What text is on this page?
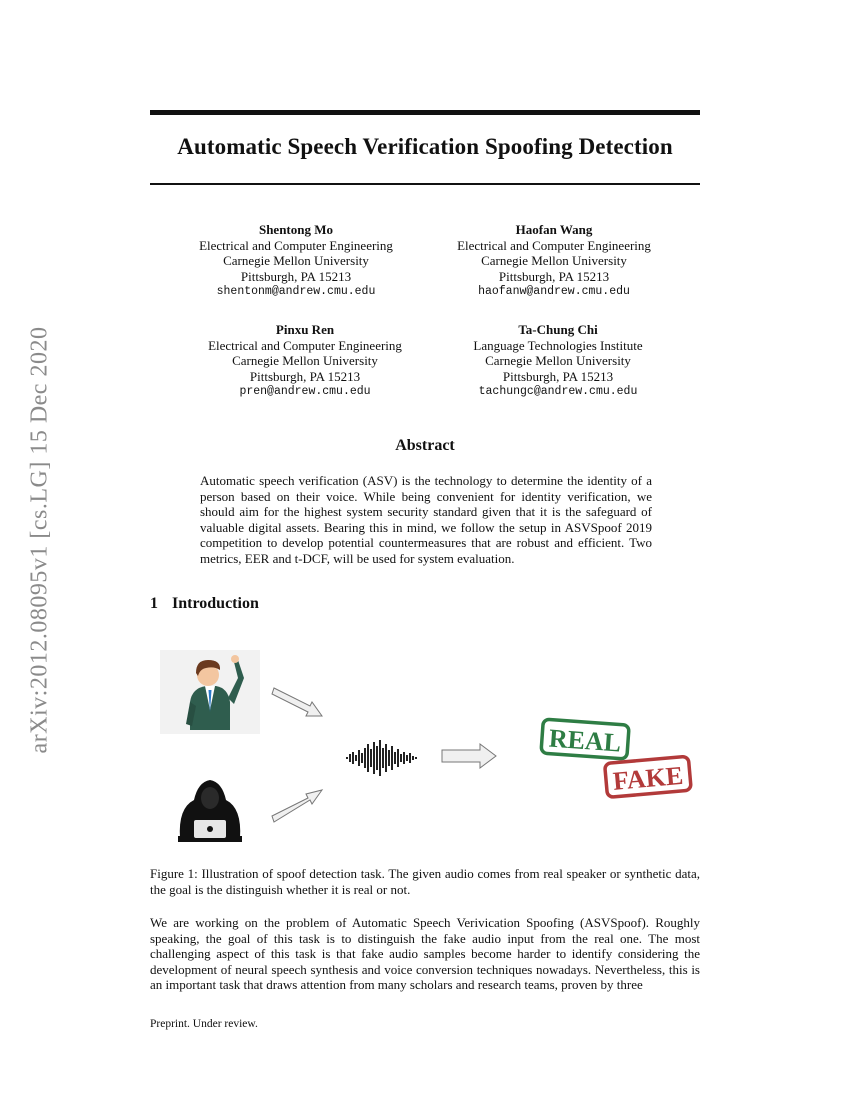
arXiv:2012.08095v1 [cs.LG] 15 Dec 2020
Automatic Speech Verification Spoofing Detection
Shentong Mo
Electrical and Computer Engineering
Carnegie Mellon University
Pittsburgh, PA 15213
shentonm@andrew.cmu.edu
Haofan Wang
Electrical and Computer Engineering
Carnegie Mellon University
Pittsburgh, PA 15213
haofanw@andrew.cmu.edu
Pinxu Ren
Electrical and Computer Engineering
Carnegie Mellon University
Pittsburgh, PA 15213
pren@andrew.cmu.edu
Ta-Chung Chi
Language Technologies Institute
Carnegie Mellon University
Pittsburgh, PA 15213
tachungc@andrew.cmu.edu
Abstract
Automatic speech verification (ASV) is the technology to determine the identity of a person based on their voice. While being convenient for identity verification, we should aim for the highest system security standard given that it is the safeguard of valuable digital assets. Bearing this in mind, we follow the setup in ASVSpoof 2019 competition to develop potential countermeasures that are robust and efficient. Two metrics, EER and t-DCF, will be used for system evaluation.
1 Introduction
REAL
FAKE
Figure 1: Illustration of spoof detection task. The given audio comes from real speaker or synthetic data, the goal is the distinguish whether it is real or not.
We are working on the problem of Automatic Speech Verivication Spoofing (ASVSpoof). Roughly speaking, the goal of this task is to distinguish the fake audio input from the real one. The most challenging aspect of this task is that fake audio samples become harder to identify considering the development of neural speech synthesis and voice conversion techniques nowadays. Nevertheless, this is an important task that draws attention from many scholars and research teams, proven by three
Preprint. Under review.
